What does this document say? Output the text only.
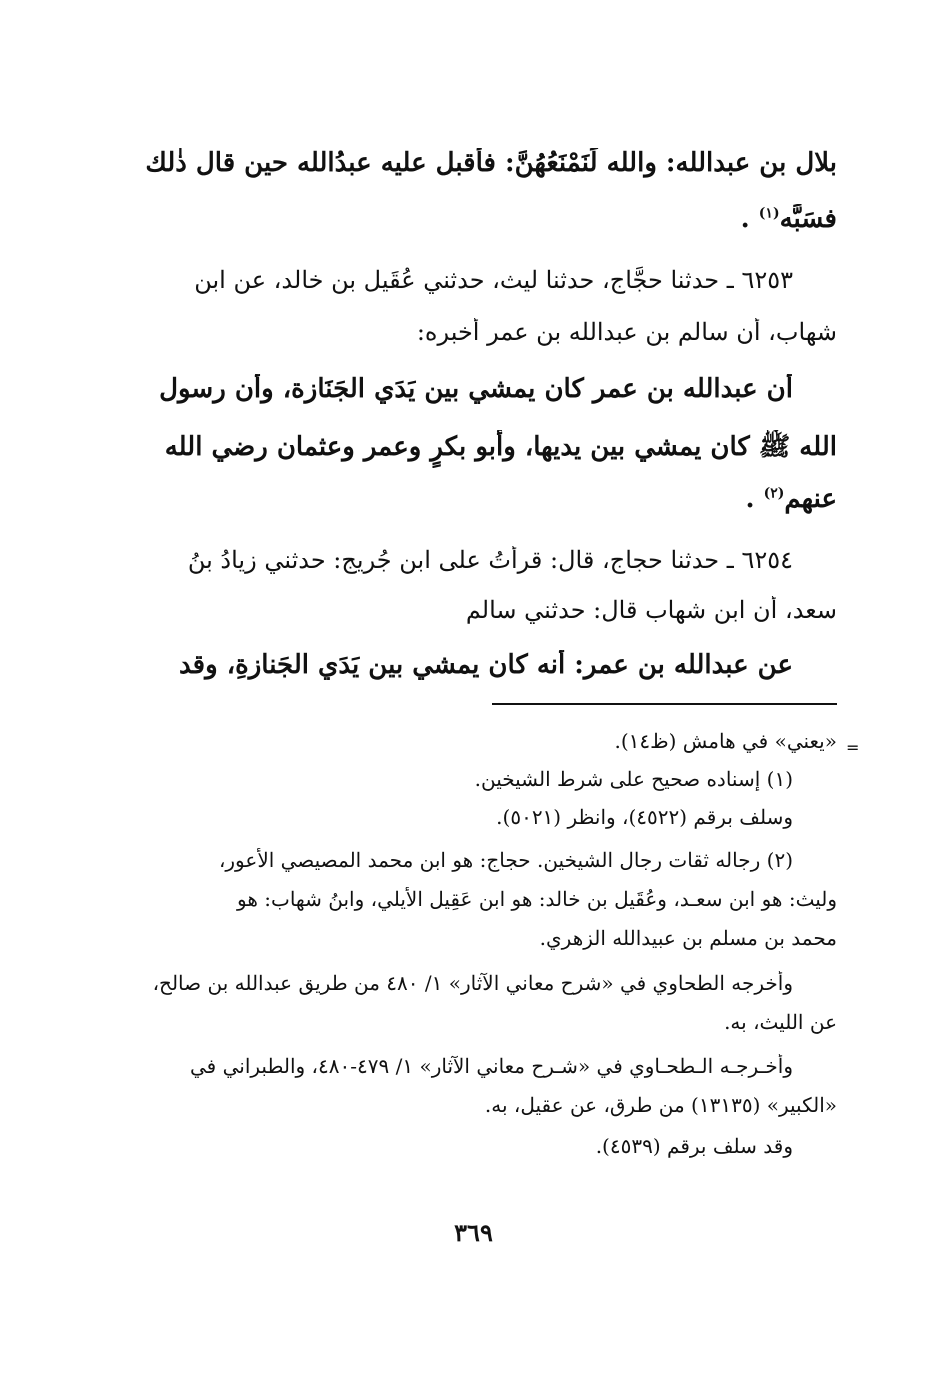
بلال بن عبدالله: والله لَنَمْنَعُهُنَّ: فأقبل عليه عبدُالله حين قال ذٰلك
فسَبَّه$^{(١)}$ .
٦٢٥٣ ـ حدثنا حجَّاج، حدثنا ليث، حدثني عُقَيل بن خالد، عن ابن
شهاب، أن سالم بن عبدالله بن عمر أخبره:
أن عبدالله بن عمر كان يمشي بين يَدَيِ الجَنَازة، وأن رسول
الله ﷺ كان يمشي بين يديها، وأبو بكرٍ وعمر وعثمان رضي الله
عنهم$^{(٢)}$ .
٦٢٥٤ ـ حدثنا حجاج، قال: قرأتُ على ابن جُريج: حدثني زيادُ بنُ
سعد، أن ابن شهاب قال: حدثني سالم
عن عبدالله بن عمر: أنه كان يمشي بين يَدَيِ الجَنازةِ، وقد
=
«يعني» في هامش (ظ١٤).
(١) إسناده صحيح على شرط الشيخين.
وسلف برقم (٤٥٢٢)، وانظر (٥٠٢١).
(٢) رجاله ثقات رجال الشيخين. حجاج: هو ابن محمد المصيصي الأعور،
وليث: هو ابن سعـد، وعُقَيل بن خالد: هو ابن عَقِيل الأيلي، وابنُ شهاب: هو
محمد بن مسلم بن عبيدالله الزهري.
وأخرجه الطحاوي في «شرح معاني الآثار» ١/ ٤٨٠ من طريق عبدالله بن صالح،
عن الليث، به.
وأخـرجـه الـطحـاوي في «شـرح معاني الآثار» ١/ ٤٧٩-٤٨٠، والطبراني في
«الكبير» (١٣١٣٥) من طرق، عن عقيل، به.
وقد سلف برقم (٤٥٣٩).
٣٦٩
